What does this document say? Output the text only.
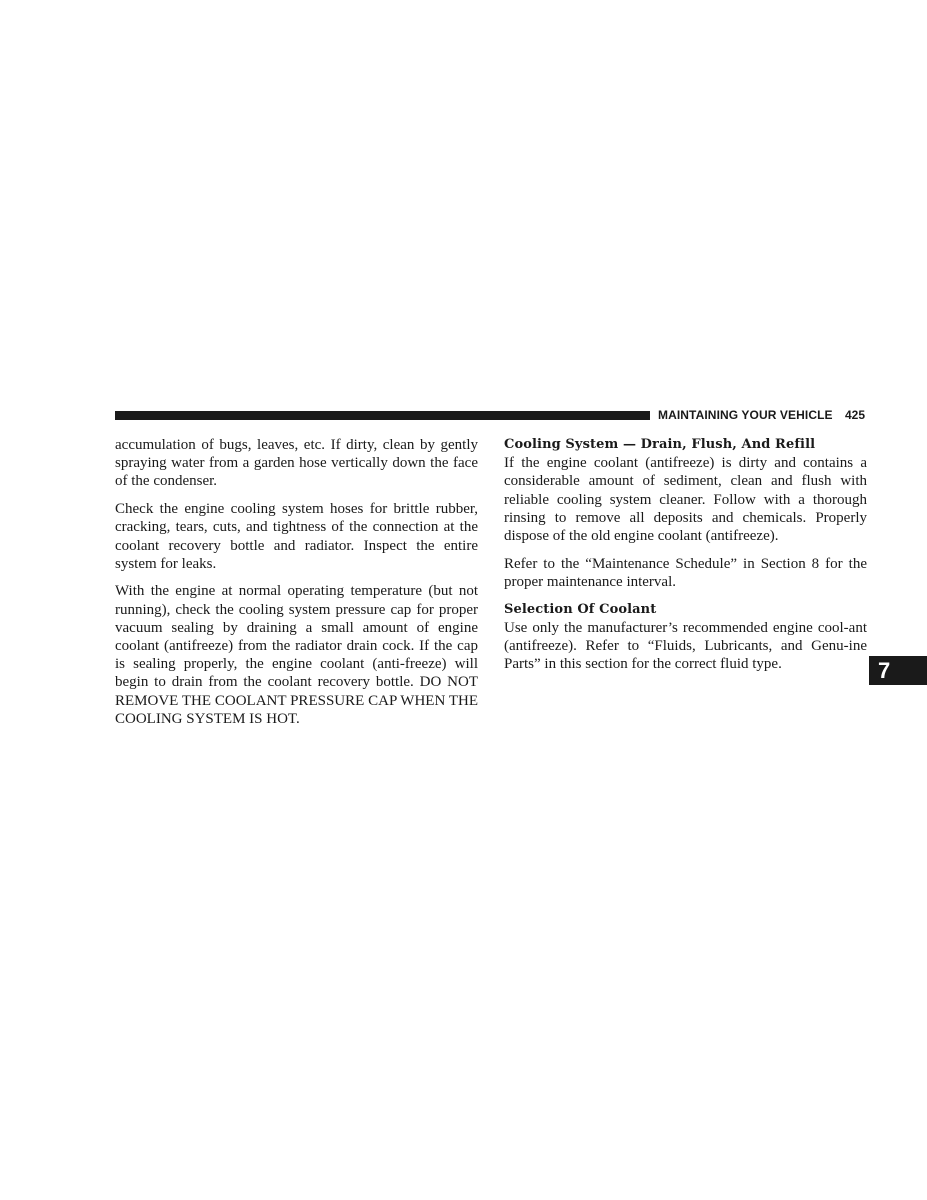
MAINTAINING YOUR VEHICLE 425

accumulation of bugs, leaves, etc. If dirty, clean by gently spraying water from a garden hose vertically down the face of the condenser.

Check the engine cooling system hoses for brittle rubber, cracking, tears, cuts, and tightness of the connection at the coolant recovery bottle and radiator. Inspect the entire system for leaks.

With the engine at normal operating temperature (but not running), check the cooling system pressure cap for proper vacuum sealing by draining a small amount of engine coolant (antifreeze) from the radiator drain cock. If the cap is sealing properly, the engine coolant (anti-freeze) will begin to drain from the coolant recovery bottle. DO NOT REMOVE THE COOLANT PRESSURE CAP WHEN THE COOLING SYSTEM IS HOT.

Cooling System — Drain, Flush, And Refill

If the engine coolant (antifreeze) is dirty and contains a considerable amount of sediment, clean and flush with reliable cooling system cleaner. Follow with a thorough rinsing to remove all deposits and chemicals. Properly dispose of the old engine coolant (antifreeze).

Refer to the “Maintenance Schedule” in Section 8 for the proper maintenance interval.

Selection Of Coolant

Use only the manufacturer’s recommended engine cool-ant (antifreeze). Refer to “Fluids, Lubricants, and Genu-ine Parts” in this section for the correct fluid type.	7
